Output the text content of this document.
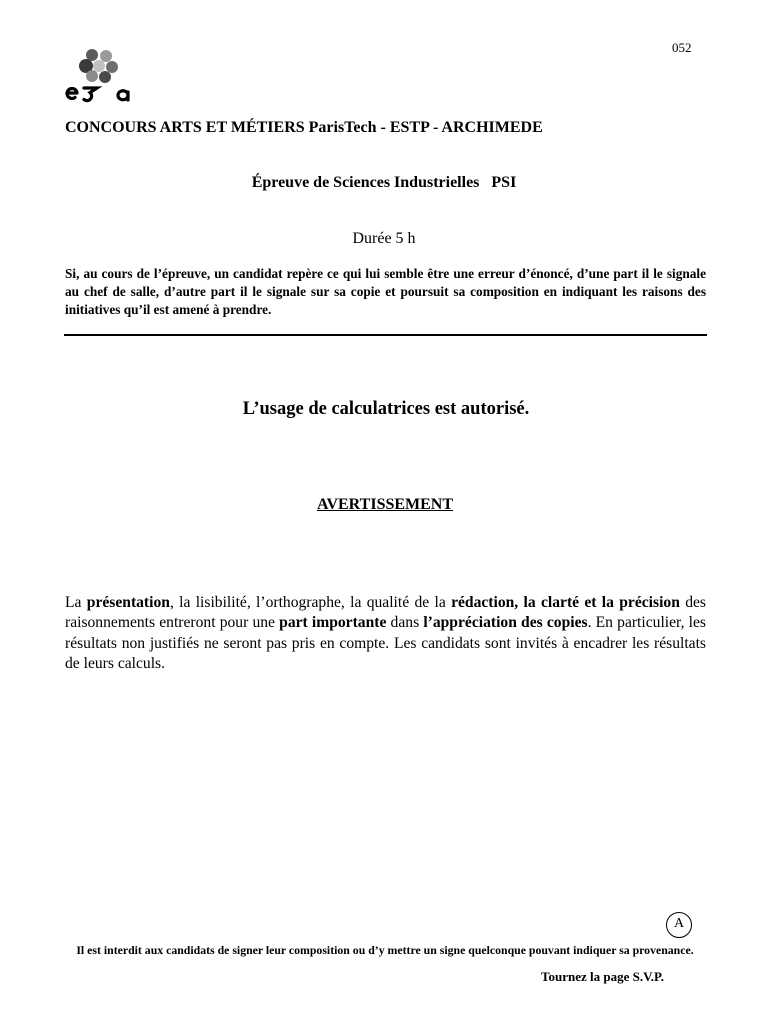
052
CONCOURS ARTS ET MÉTIERS ParisTech - ESTP - ARCHIMEDE
Épreuve de Sciences Industrielles   PSI
Durée 5 h
Si, au cours de l’épreuve, un candidat repère ce qui lui semble être une erreur d’énoncé, d’une part il le signale au chef de salle, d’autre part il le signale sur sa copie et poursuit sa composition en indiquant les raisons des initiatives qu’il est amené à prendre.
L’usage de calculatrices est autorisé.
AVERTISSEMENT
La présentation, la lisibilité, l’orthographe, la qualité de la rédaction, la clarté et la précision des raisonnements entreront pour une part importante dans l’appréciation des copies. En particulier, les résultats non justifiés ne seront pas pris en compte. Les candidats sont invités à encadrer les résultats de leurs calculs.
A
Il est interdit aux candidats de signer leur composition ou d’y mettre un signe quelconque pouvant indiquer sa provenance.
Tournez la page S.V.P.
